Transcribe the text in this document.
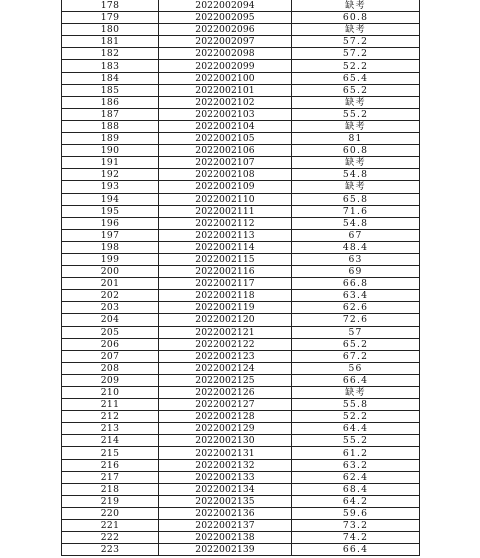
178	2022002094	缺考
179	2022002095	60.8
180	2022002096	缺考
181	2022002097	57.2
182	2022002098	57.2
183	2022002099	52.2
184	2022002100	65.4
185	2022002101	65.2
186	2022002102	缺考
187	2022002103	55.2
188	2022002104	缺考
189	2022002105	81
190	2022002106	60.8
191	2022002107	缺考
192	2022002108	54.8
193	2022002109	缺考
194	2022002110	65.8
195	2022002111	71.6
196	2022002112	54.8
197	2022002113	67
198	2022002114	48.4
199	2022002115	63
200	2022002116	69
201	2022002117	66.8
202	2022002118	63.4
203	2022002119	62.6
204	2022002120	72.6
205	2022002121	57
206	2022002122	65.2
207	2022002123	67.2
208	2022002124	56
209	2022002125	66.4
210	2022002126	缺考
211	2022002127	55.8
212	2022002128	52.2
213	2022002129	64.4
214	2022002130	55.2
215	2022002131	61.2
216	2022002132	63.2
217	2022002133	62.4
218	2022002134	68.4
219	2022002135	64.2
220	2022002136	59.6
221	2022002137	73.2
222	2022002138	74.2
223	2022002139	66.4
